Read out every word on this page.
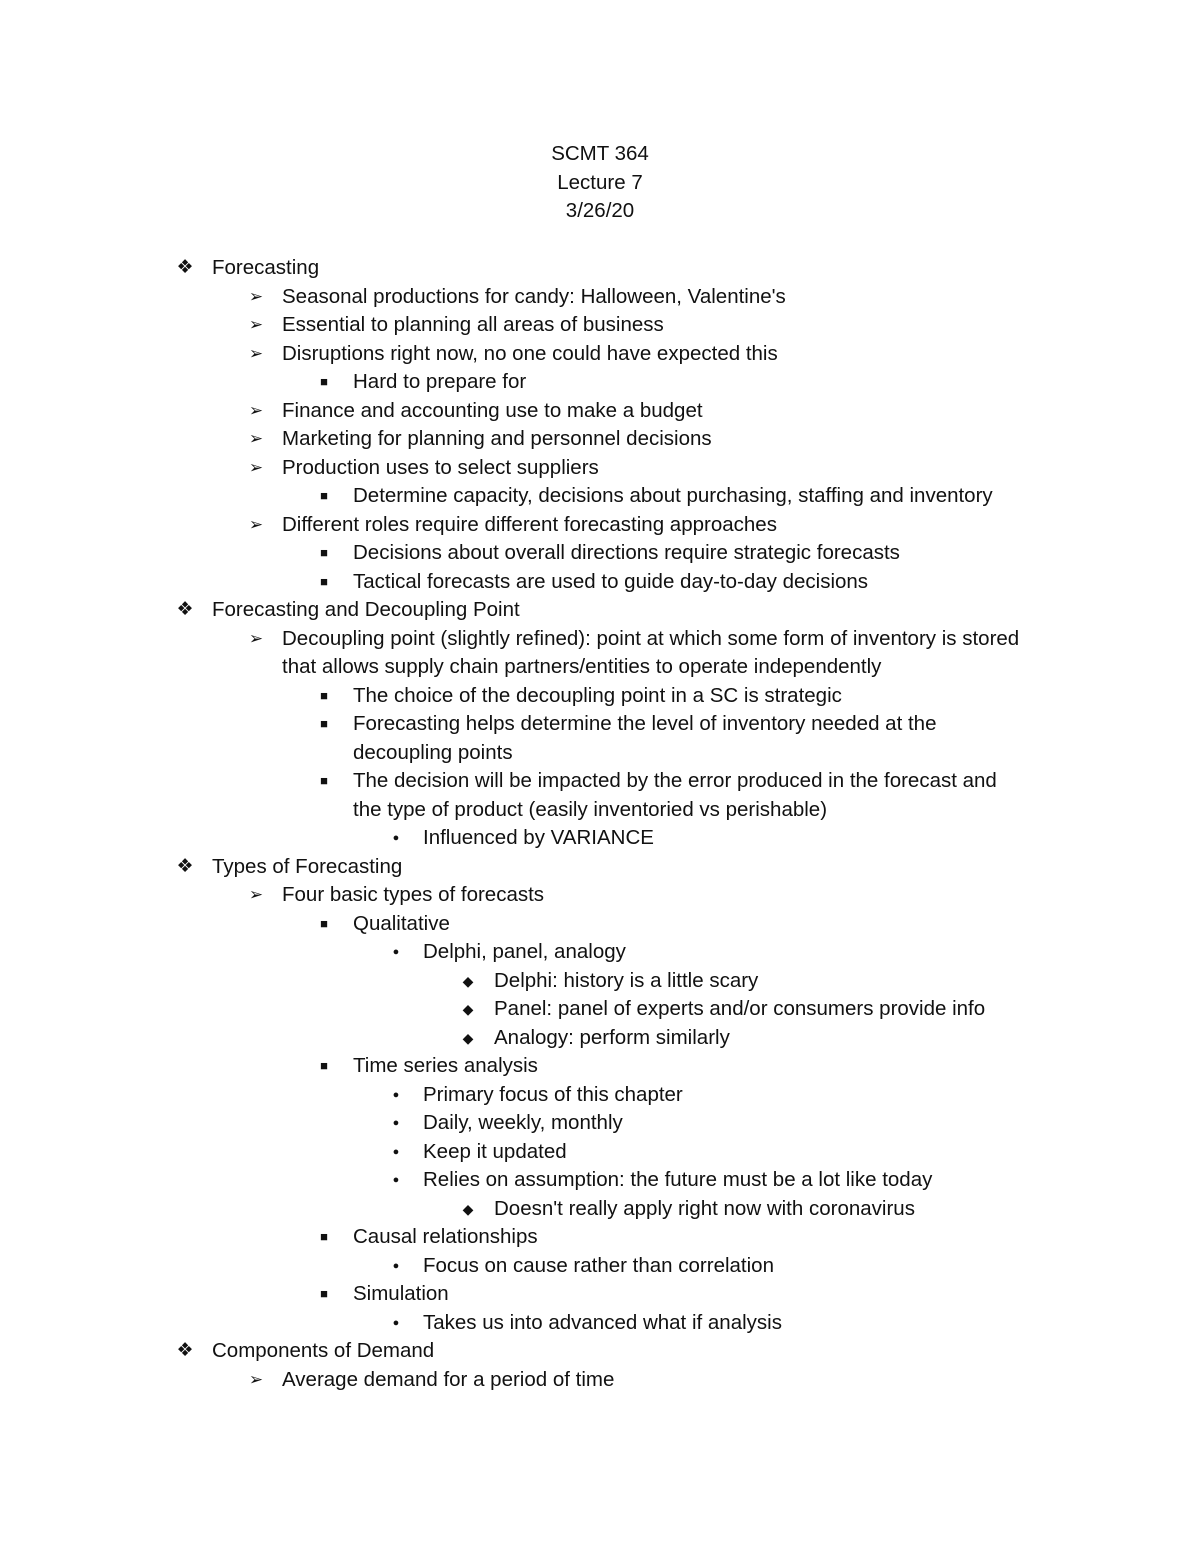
SCMT 364
Lecture 7
3/26/20
❖ Forecasting
➢ Seasonal productions for candy: Halloween, Valentine's
➢ Essential to planning all areas of business
➢ Disruptions right now, no one could have expected this
■	Hard to prepare for
➢ Finance and accounting use to make a budget
➢ Marketing for planning and personnel decisions
➢ Production uses to select suppliers
■	Determine capacity, decisions about purchasing, staffing and inventory
➢ Different roles require different forecasting approaches
■	Decisions about overall directions require strategic forecasts
■	Tactical forecasts are used to guide day-to-day decisions
❖ Forecasting and Decoupling Point
➢ Decoupling point (slightly refined): point at which some form of inventory is stored
that allows supply chain partners/entities to operate independently
■	The choice of the decoupling point in a SC is strategic
■	Forecasting helps determine the level of inventory needed at the
decoupling points
■	The decision will be impacted by the error produced in the forecast and
the type of product (easily inventoried vs perishable)
●	Influenced by VARIANCE
❖ Types of Forecasting
➢ Four basic types of forecasts
■	Qualitative
●	Delphi, panel, analogy
◆ Delphi: history is a little scary
◆ Panel: panel of experts and/or consumers provide info
◆ Analogy: perform similarly
■	Time series analysis
●	Primary focus of this chapter
●	Daily, weekly, monthly
●	Keep it updated
●	Relies on assumption: the future must be a lot like today
◆ Doesn't really apply right now with coronavirus
■	Causal relationships
●	Focus on cause rather than correlation
■	Simulation
●	Takes us into advanced what if analysis
❖ Components of Demand
➢ Average demand for a period of time
